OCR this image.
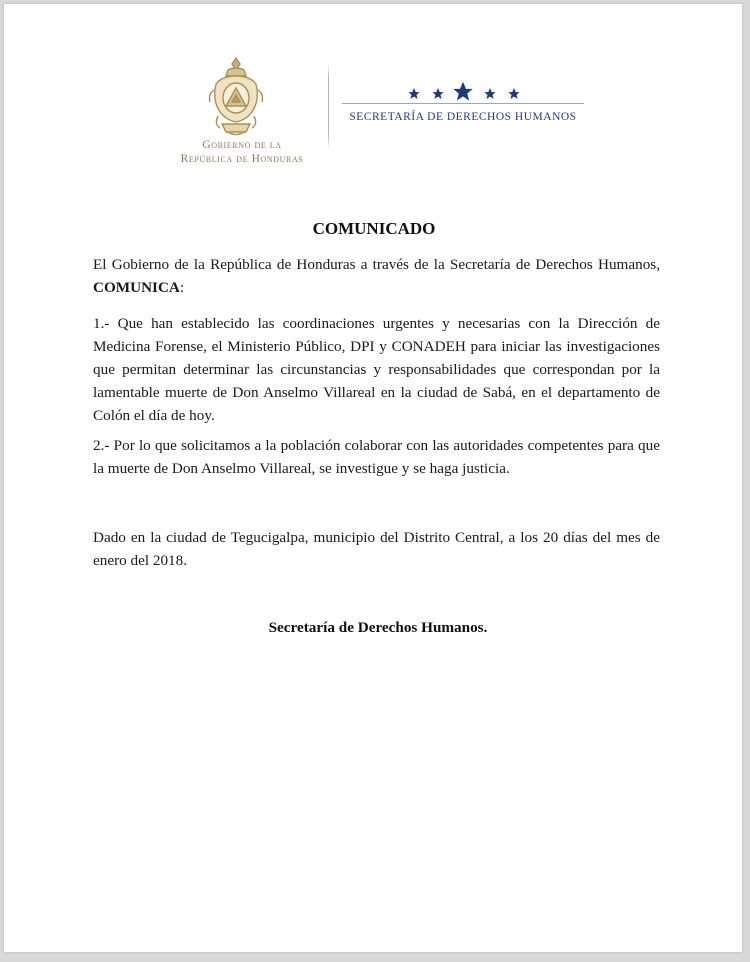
Gobierno de la
República de Honduras
SECRETARÍA DE DERECHOS HUMANOS
COMUNICADO

El Gobierno de la República de Honduras a través de la Secretaría de Derechos Humanos, COMUNICA:

1.- Que han establecido las coordinaciones urgentes y necesarias con la Dirección de Medicina Forense, el Ministerio Público, DPI y CONADEH para iniciar las investigaciones que permitan determinar las circunstancias y responsabilidades que correspondan por la lamentable muerte de Don Anselmo Villareal en la ciudad de Sabá, en el departamento de Colón el día de hoy.

2.- Por lo que solicitamos a la población colaborar con las autoridades competentes para que la muerte de Don Anselmo Villareal, se investigue y se haga justicia.

Dado en la ciudad de Tegucigalpa, municipio del Distrito Central, a los 20 días del mes de enero del 2018.

Secretaría de Derechos Humanos.
